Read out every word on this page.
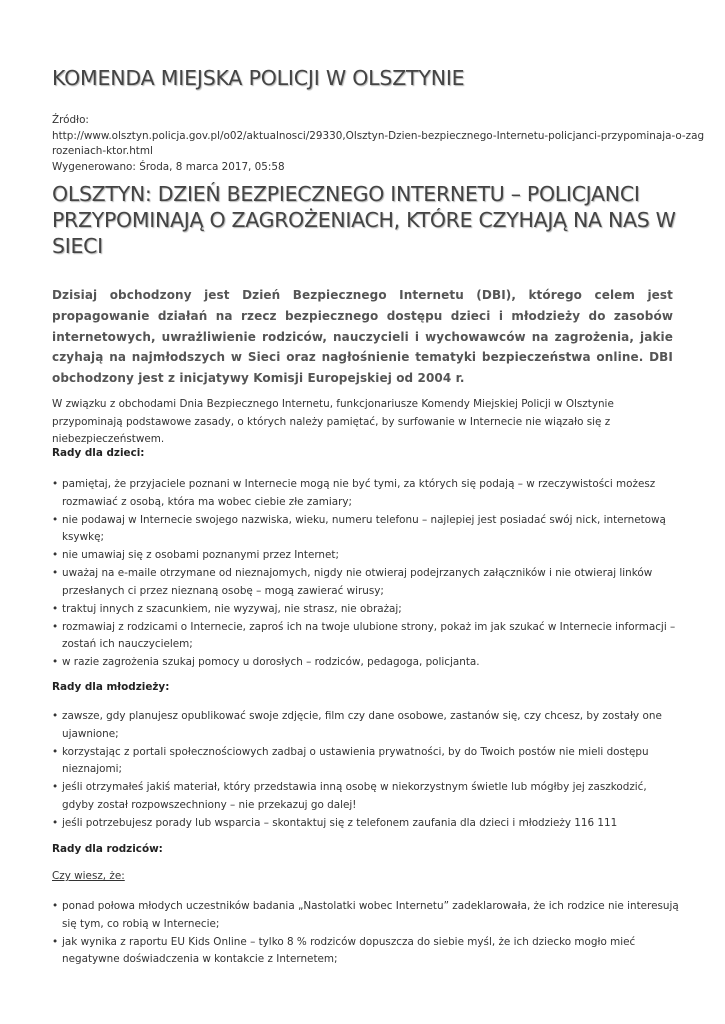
KOMENDA MIEJSKA POLICJI W OLSZTYNIE
Źródło:
http://www.olsztyn.policja.gov.pl/o02/aktualnosci/29330,Olsztyn-Dzien-bezpiecznego-Internetu-policjanci-przypominaja-o-zag
rozeniach-ktor.html
Wygenerowano: Środa, 8 marca 2017, 05:58
OLSZTYN: DZIEŃ BEZPIECZNEGO INTERNETU – POLICJANCI PRZYPOMINAJĄ O ZAGROŻENIACH, KTÓRE CZYHAJĄ NA NAS W SIECI

Dzisiaj obchodzony jest Dzień Bezpiecznego Internetu (DBI), którego celem jest propagowanie działań na rzecz bezpiecznego dostępu dzieci i młodzieży do zasobów internetowych, uwrażliwienie rodziców, nauczycieli i wychowawców na zagrożenia, jakie czyhają na najmłodszych w Sieci oraz nagłośnienie tematyki bezpieczeństwa online. DBI obchodzony jest z inicjatywy Komisji Europejskiej od 2004 r.

W związku z obchodami Dnia Bezpiecznego Internetu, funkcjonariusze Komendy Miejskiej Policji w Olsztynie przypominają podstawowe zasady, o których należy pamiętać, by surfowanie w Internecie nie wiązało się z niebezpieczeństwem.

Rady dla dzieci:

• pamiętaj, że przyjaciele poznani w Internecie mogą nie być tymi, za których się podają – w rzeczywistości możesz rozmawiać z osobą, która ma wobec ciebie złe zamiary;
• nie podawaj w Internecie swojego nazwiska, wieku, numeru telefonu – najlepiej jest posiadać swój nick, internetową ksywkę;
• nie umawiaj się z osobami poznanymi przez Internet;
• uważaj na e-maile otrzymane od nieznajomych, nigdy nie otwieraj podejrzanych załączników i nie otwieraj linków przesłanych ci przez nieznaną osobę – mogą zawierać wirusy;
• traktuj innych z szacunkiem, nie wyzywaj, nie strasz, nie obrażaj;
• rozmawiaj z rodzicami o Internecie, zaproś ich na twoje ulubione strony, pokaż im jak szukać w Internecie informacji – zostań ich nauczycielem;
• w razie zagrożenia szukaj pomocy u dorosłych – rodziców, pedagoga, policjanta.

Rady dla młodzieży:

• zawsze, gdy planujesz opublikować swoje zdjęcie, film czy dane osobowe, zastanów się, czy chcesz, by zostały one ujawnione;
• korzystając z portali społecznościowych zadbaj o ustawienia prywatności, by do Twoich postów nie mieli dostępu nieznajomi;
• jeśli otrzymałeś jakiś materiał, który przedstawia inną osobę w niekorzystnym świetle lub mógłby jej zaszkodzić, gdyby został rozpowszechniony – nie przekazuj go dalej!
• jeśli potrzebujesz porady lub wsparcia – skontaktuj się z telefonem zaufania dla dzieci i młodzieży 116 111

Rady dla rodziców:

Czy wiesz, że:

• ponad połowa młodych uczestników badania „Nastolatki wobec Internetu” zadeklarowała, że ich rodzice nie interesują się tym, co robią w Internecie;
• jak wynika z raportu EU Kids Online – tylko 8 % rodziców dopuszcza do siebie myśl, że ich dziecko mogło mieć negatywne doświadczenia w kontakcie z Internetem;
